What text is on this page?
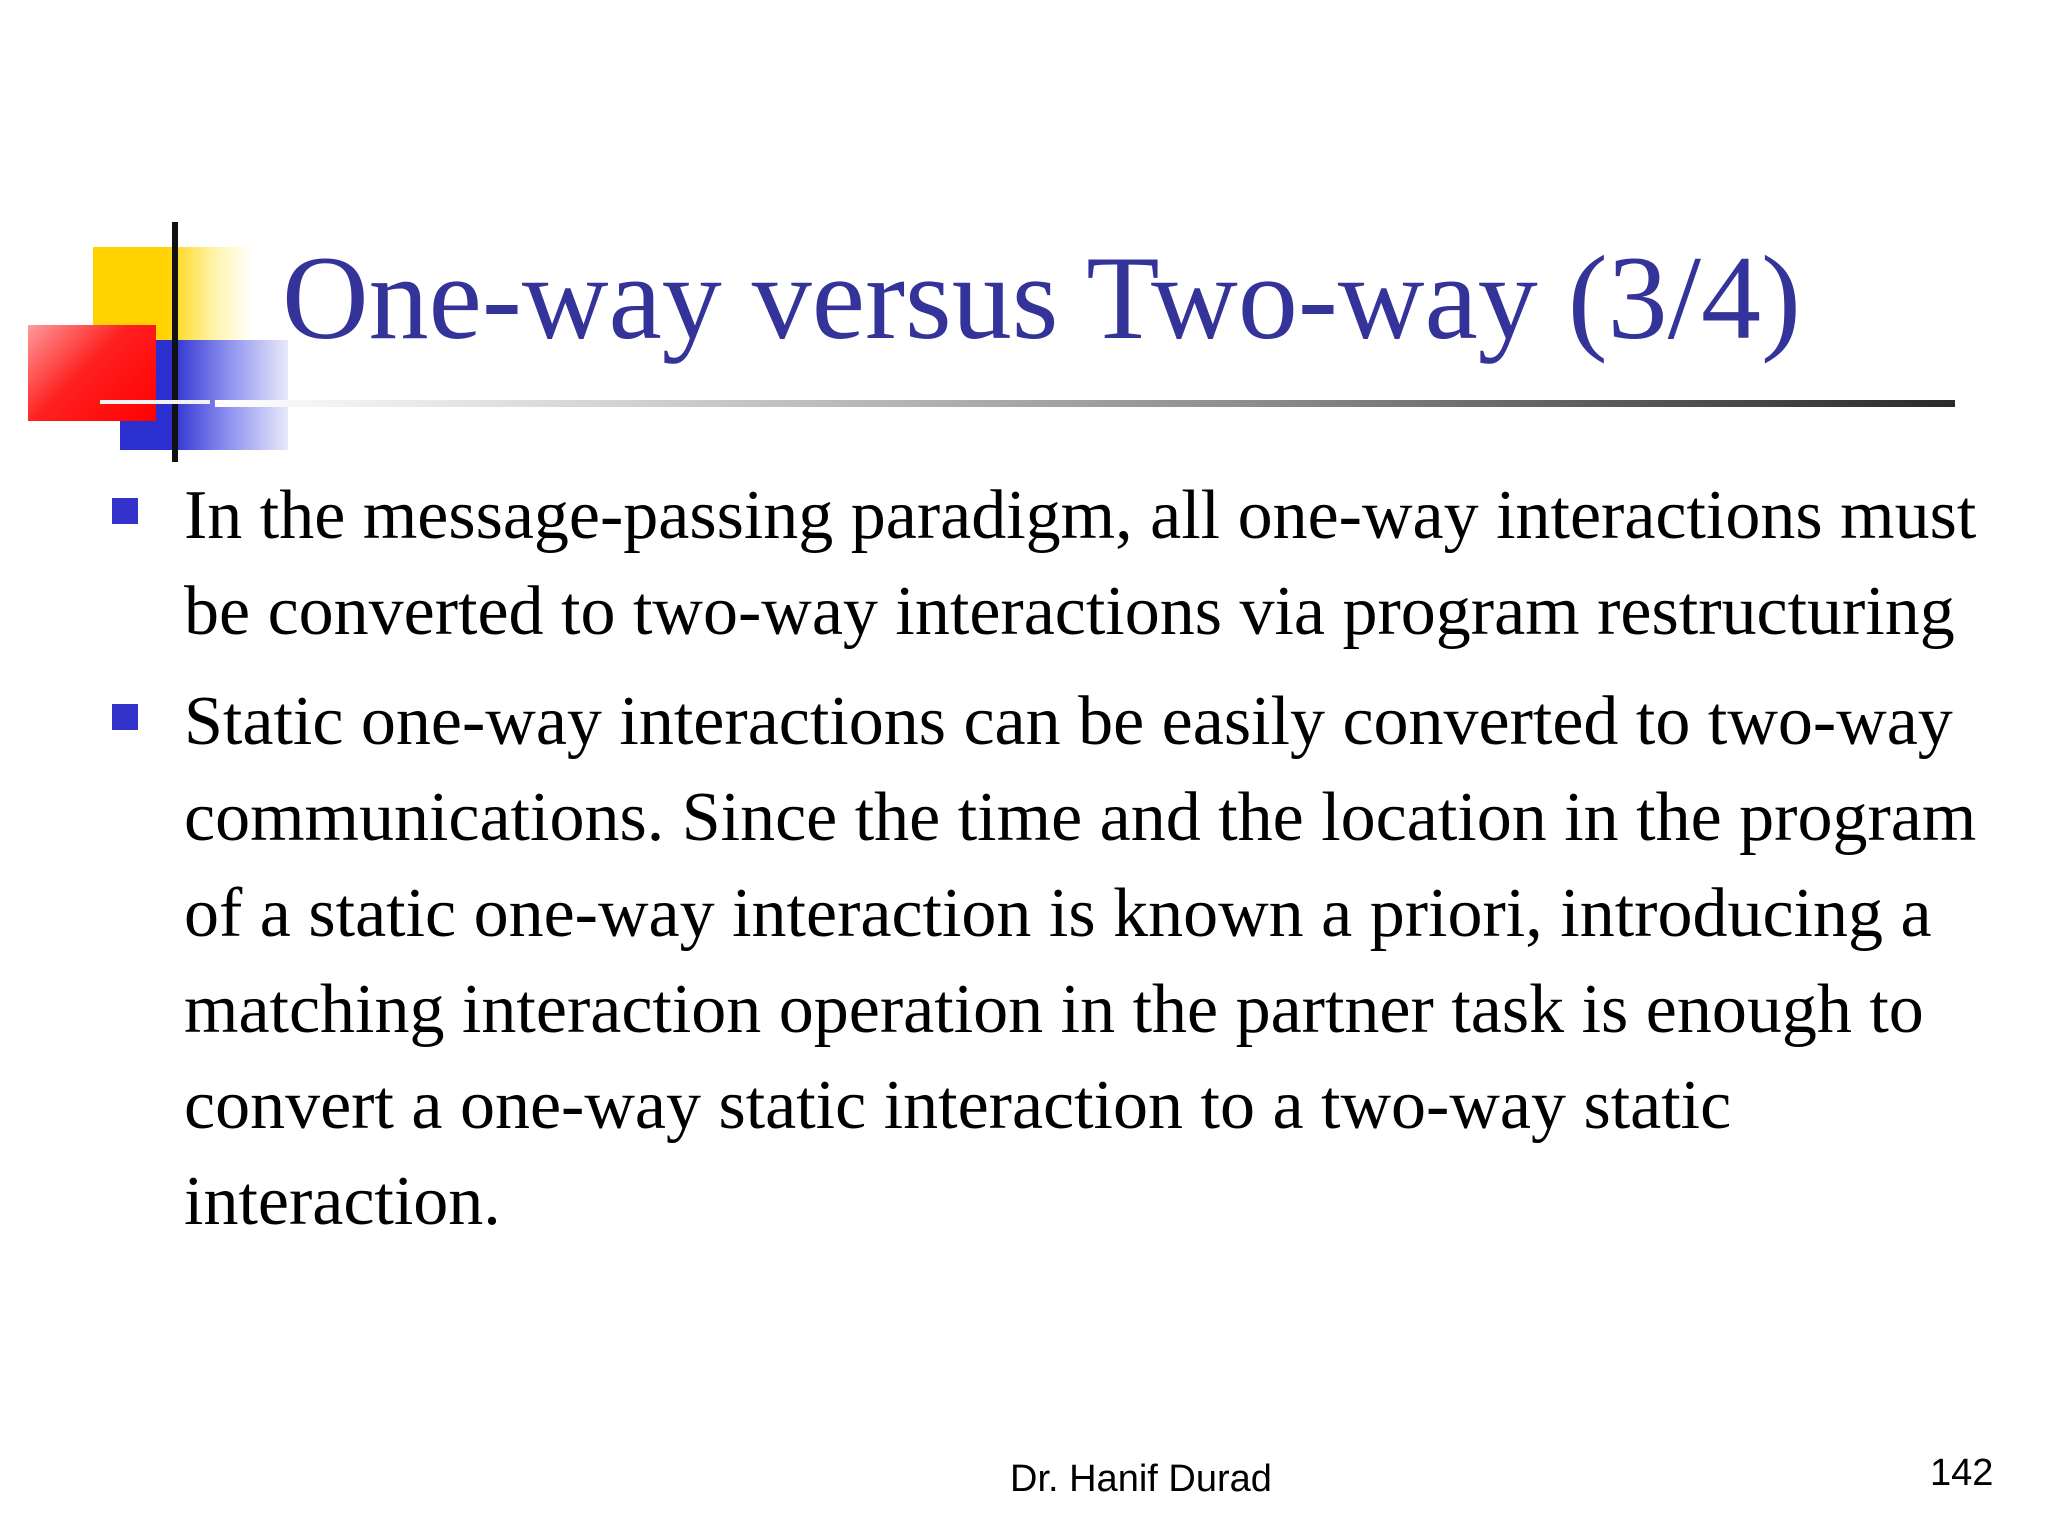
One-way versus Two-way (3/4)
In the message-passing paradigm, all one-way interactions must be converted to two-way interactions via program restructuring
Static one-way interactions can be easily converted to two-way communications. Since the time and the location in the program of a static one-way interaction is known a priori, introducing a matching interaction operation in the partner task is enough to convert a one-way static interaction to a two-way static interaction.
Dr. Hanif Durad	142
